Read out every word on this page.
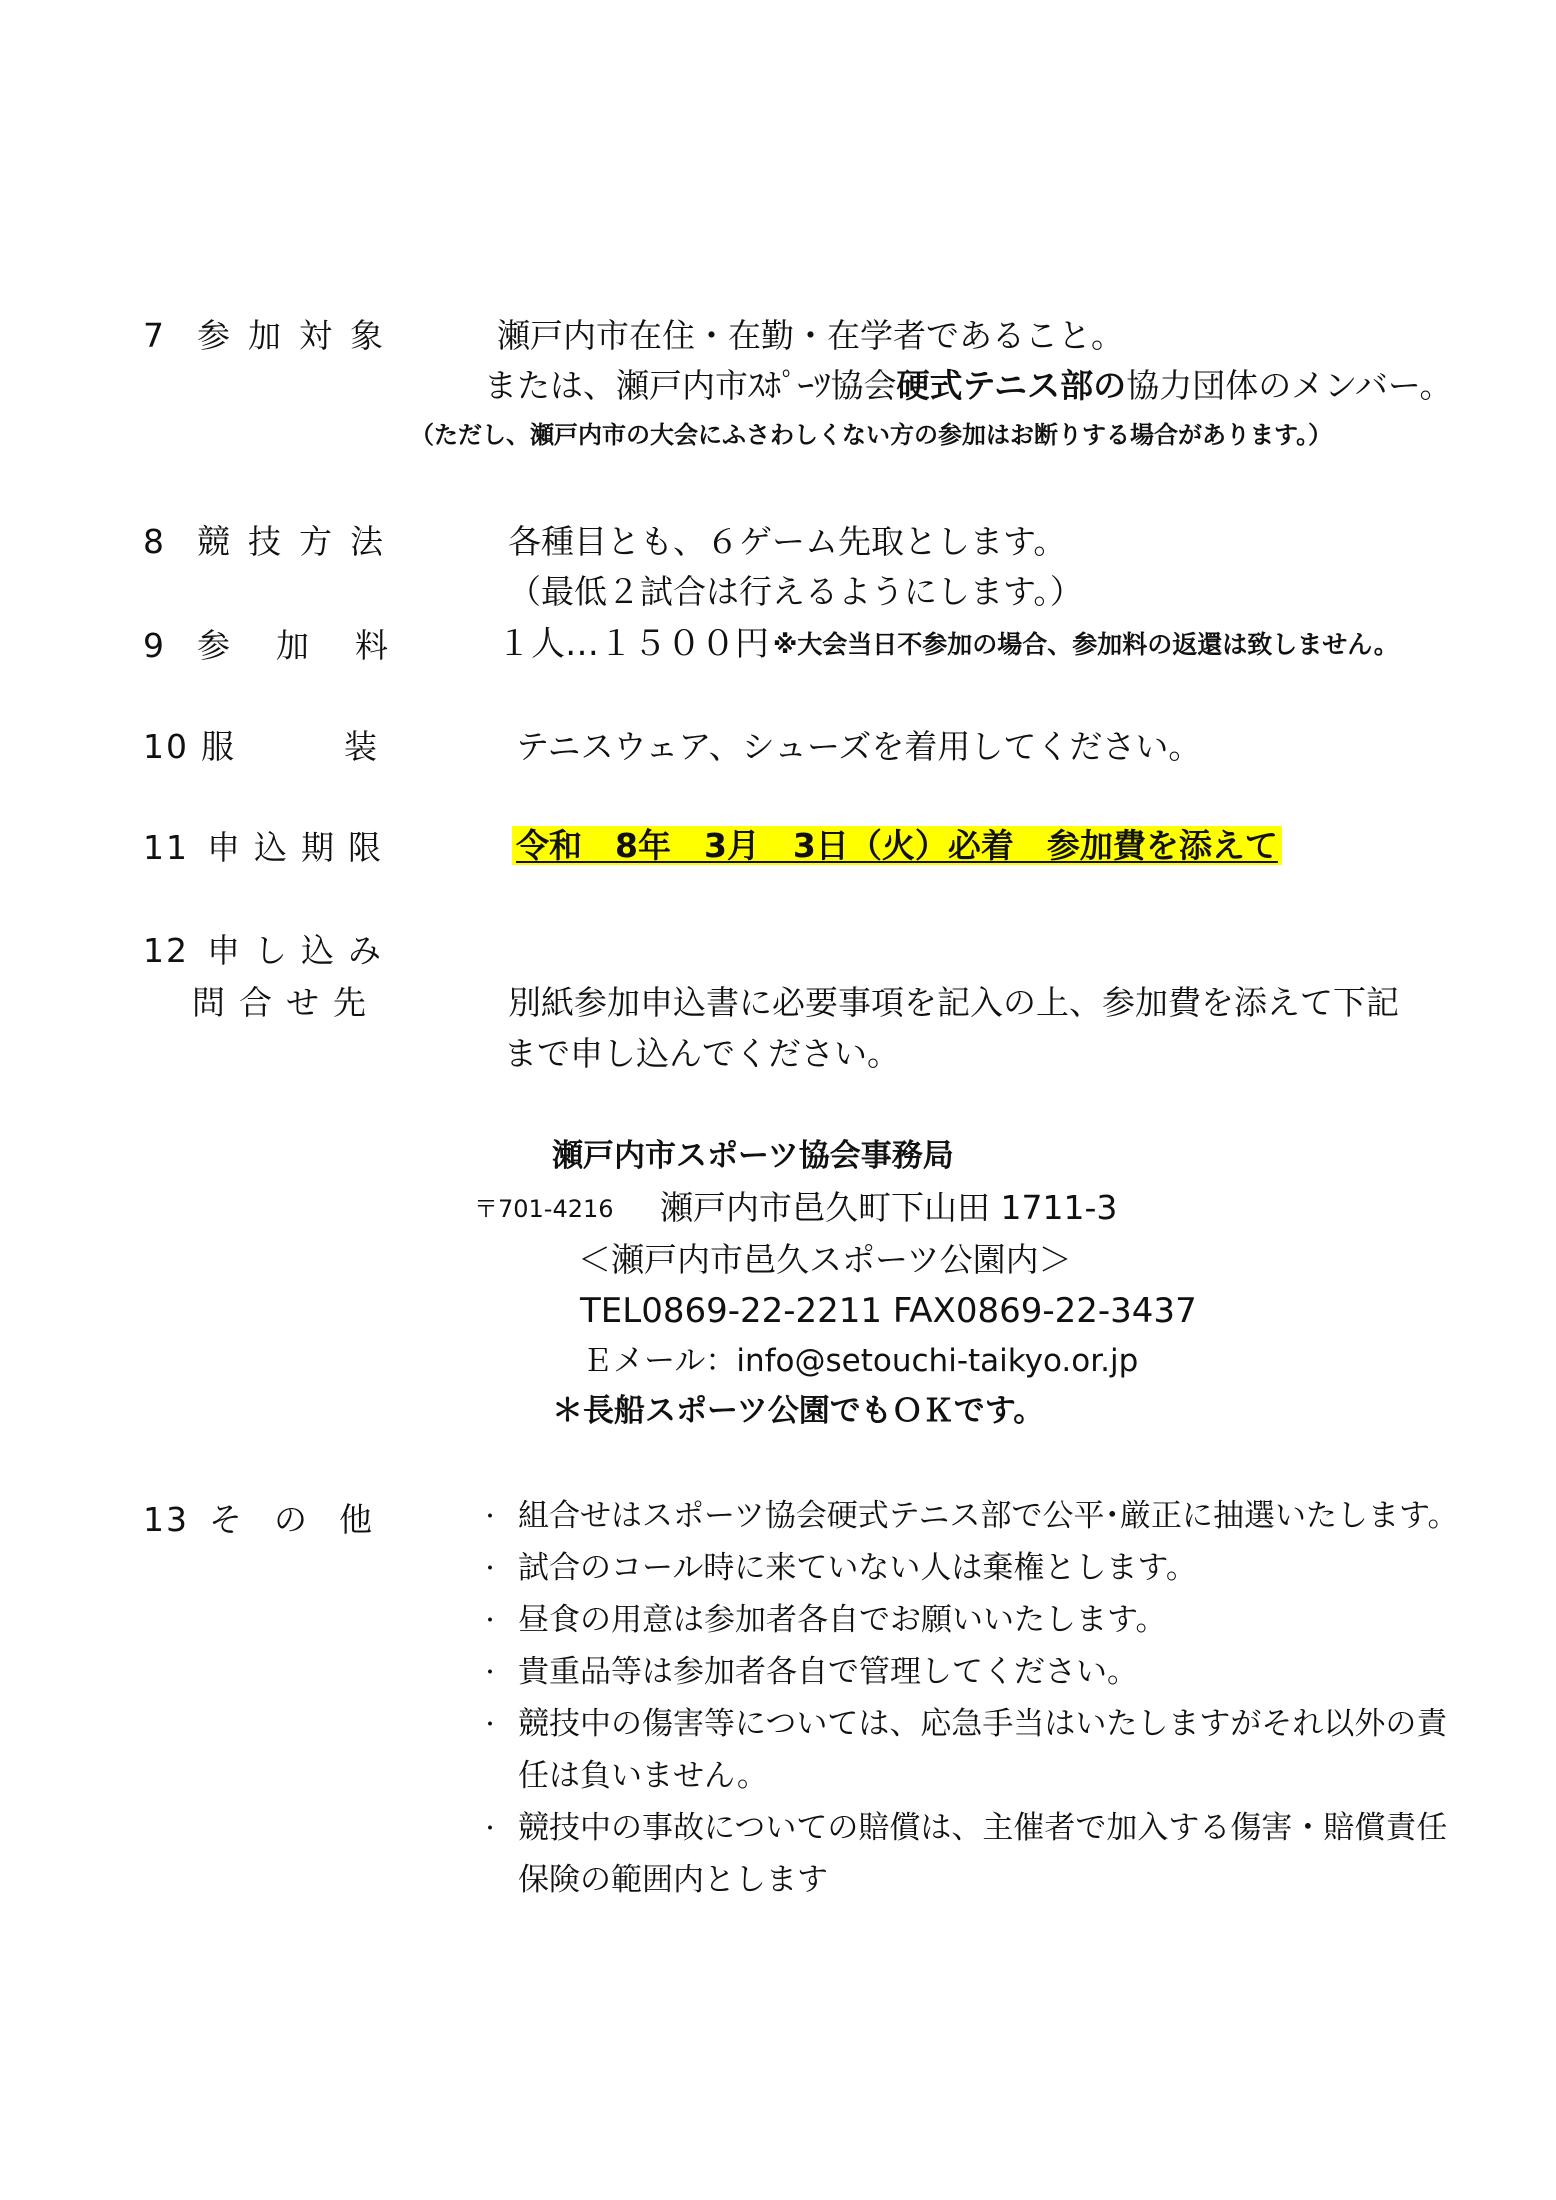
7 参加対象	瀬戸内市在住・在勤・在学者であること。
または、瀬戸内市ｽﾎﾟｰﾂ協会硬式テニス部の協力団体のメンバー。
（ただし、瀬戸内市の大会にふさわしくない方の参加はお断りする場合があります。）
8 競技方法	各種目とも、６ゲーム先取とします。
（最低２試合は行えるようにします。）
9 参加料 １人…１５００円 ※大会当日不参加の場合、参加料の返還は致しません。
10 服装 テニスウェア、シューズを着用してください。
11 申込期限	令和　8年　3月　3日（火）必着　参加費を添えて
12 申し込み
問合せ先	別紙参加申込書に必要事項を記入の上、参加費を添えて下記
まで申し込んでください。
瀬戸内市スポーツ協会事務局
〒701-4216 瀬戸内市邑久町下山田 1711-3
＜瀬戸内市邑久スポーツ公園内＞
TEL0869-22-2211 FAX0869-22-3437
Ｅメール：info@setouchi-taikyo.or.jp
＊長船スポーツ公園でもＯＫです。
13 その他	・ 組合せはスポーツ協会硬式テニス部で公平･厳正に抽選いたします。
・ 試合のコール時に来ていない人は棄権とします。
・ 昼食の用意は参加者各自でお願いいたします。
・ 貴重品等は参加者各自で管理してください。
・ 競技中の傷害等については、応急手当はいたしますがそれ以外の責
任は負いません。
・ 競技中の事故についての賠償は、主催者で加入する傷害・賠償責任
保険の範囲内とします
